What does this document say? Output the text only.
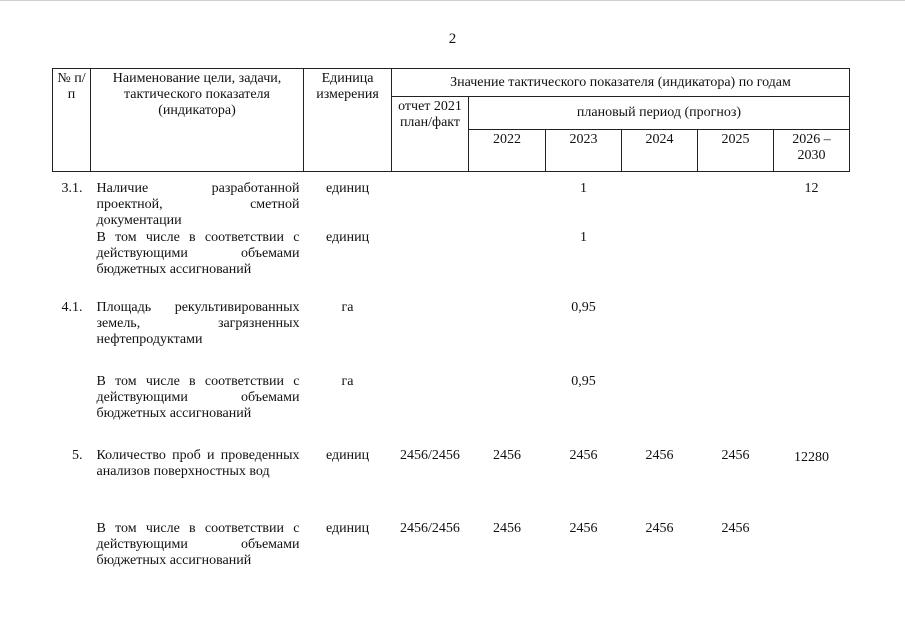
2
№ п/п	Наименование цели, задачи, тактического показателя (индикатора)	Единица измерения	Значение тактического показателя (индикатора) по годам					
			отчет 2021 план/факт	плановый период (прогноз)				
				2022	2023	2024	2025	2026 – 2030
3.1.	Наличие разработанной проектной, сметной документации	единиц			1			12
	В том числе в соответствии с действующими объемами бюджетных ассигнований	единиц			1			
4.1.	Площадь рекультивированных земель, загрязненных нефтепродуктами	га			0,95			
	В том числе в соответствии с действующими объемами бюджетных ассигнований	га			0,95			
5.	Количество проб и проведенных анализов поверхностных вод	единиц	2456/2456	2456	2456	2456	2456	12280
	В том числе в соответствии с действующими объемами бюджетных ассигнований	единиц	2456/2456	2456	2456	2456	2456	
